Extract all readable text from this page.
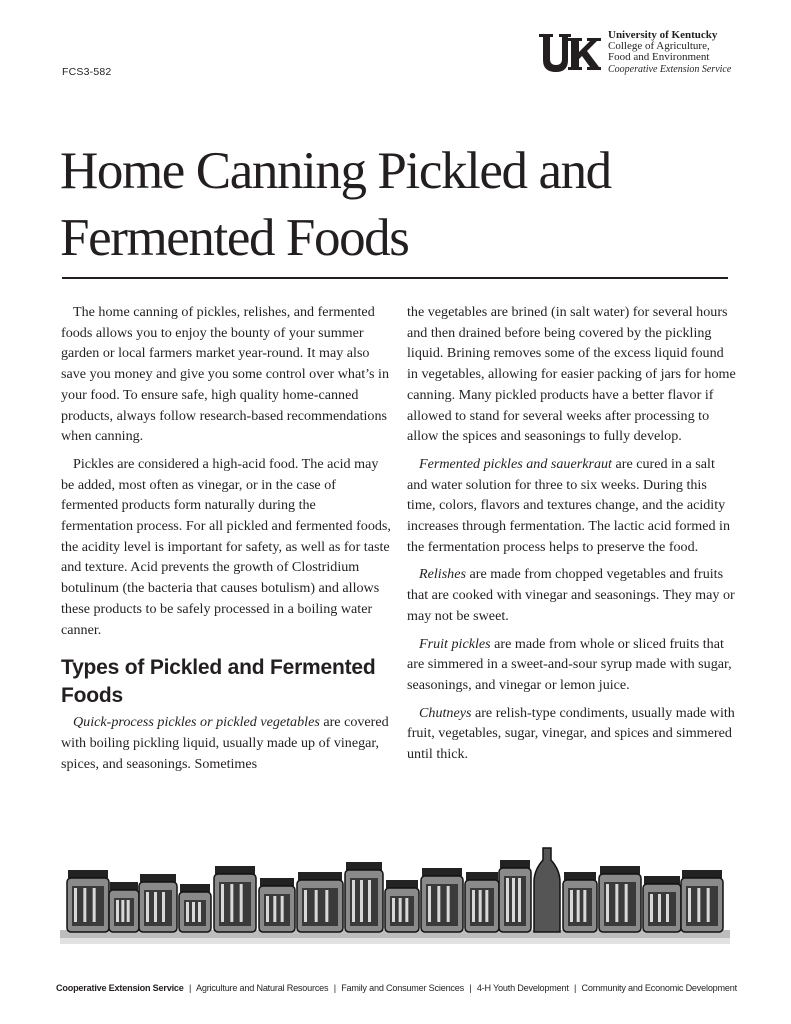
FCS3-582
University of Kentucky
College of Agriculture,
Food and Environment
Cooperative Extension Service
Home Canning Pickled and
Fermented Foods

The home canning of pickles, relishes, and fermented foods allows you to enjoy the bounty of your summer garden or local farmers market year-round. It may also save you money and give you some control over what’s in your food. To ensure safe, high quality home-canned products, always follow research-based recommendations when canning.

Pickles are considered a high-acid food. The acid may be added, most often as vinegar, or in the case of fermented products form naturally during the fermentation process. For all pickled and fermented foods, the acidity level is important for safety, as well as for taste and texture. Acid prevents the growth of Clostridium botulinum (the bacteria that causes botulism) and allows these products to be safely processed in a boiling water canner.

Types of Pickled and Fermented Foods

Quick-process pickles or pickled vegetables are covered with boiling pickling liquid, usually made up of vinegar, spices, and seasonings. Sometimes

the vegetables are brined (in salt water) for several hours and then drained before being covered by the pickling liquid. Brining removes some of the excess liquid found in vegetables, allowing for easier packing of jars for home canning. Many pickled products have a better flavor if allowed to stand for several weeks after processing to allow the spices and seasonings to fully develop.

Fermented pickles and sauerkraut are cured in a salt and water solution for three to six weeks. During this time, colors, flavors and textures change, and the acidity increases through fermentation. The lactic acid formed in the fermentation process helps to preserve the food.

Relishes are made from chopped vegetables and fruits that are cooked with vinegar and seasonings. They may or may not be sweet.

Fruit pickles are made from whole or sliced fruits that are simmered in a sweet-and-sour syrup made with sugar, seasonings, and vinegar or lemon juice.

Chutneys are relish-type condiments, usually made with fruit, vegetables, sugar, vinegar, and spices and simmered until thick.

Cooperative Extension Service | Agriculture and Natural Resources | Family and Consumer Sciences | 4-H Youth Development | Community and Economic Development
